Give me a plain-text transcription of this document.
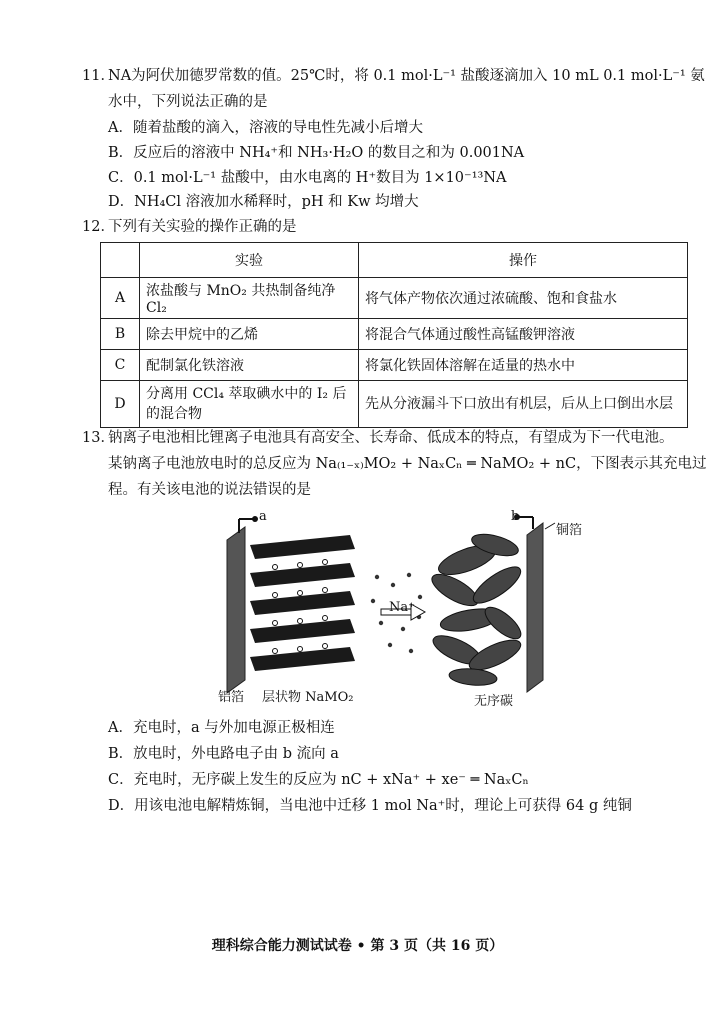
11．
NA为阿伏加德罗常数的值。25℃时，将 0.1 mol·L⁻¹ 盐酸逐滴加入 10 mL 0.1 mol·L⁻¹ 氨
水中，下列说法正确的是
A．随着盐酸的滴入，溶液的导电性先减小后增大
B．反应后的溶液中 NH₄⁺和 NH₃·H₂O 的数目之和为 0.001NA
C．0.1 mol·L⁻¹ 盐酸中，由水电离的 H⁺数目为 1×10⁻¹³NA
D．NH₄Cl 溶液加水稀释时，pH 和 Kw 均增大
12．
下列有关实验的操作正确的是
	实验	操作
A	浓盐酸与 MnO₂ 共热制备纯净 Cl₂	将气体产物依次通过浓硫酸、饱和食盐水
B	除去甲烷中的乙烯	将混合气体通过酸性高锰酸钾溶液
C	配制氯化铁溶液	将氯化铁固体溶解在适量的热水中
D	分离用 CCl₄ 萃取碘水中的 I₂ 后的混合物	先从分液漏斗下口放出有机层，后从上口倒出水层
13．
钠离子电池相比锂离子电池具有高安全、长寿命、低成本的特点，有望成为下一代电池。
某钠离子电池放电时的总反应为 Na₍₁₋ₓ₎MO₂ + NaₓCₙ ═ NaMO₂ + nC，下图表示其充电过
程。有关该电池的说法错误的是
a	b
铜箔
Na⁺
铝箔 层状物 NaMO₂	无序碳
A．充电时，a 与外加电源正极相连
B．放电时，外电路电子由 b 流向 a
C．充电时，无序碳上发生的反应为 nC + xNa⁺ + xe⁻ ═ NaₓCₙ
D．用该电池电解精炼铜，当电池中迁移 1 mol Na⁺时，理论上可获得 64 g 纯铜
理科综合能力测试试卷 • 第 3 页（共 16 页）
